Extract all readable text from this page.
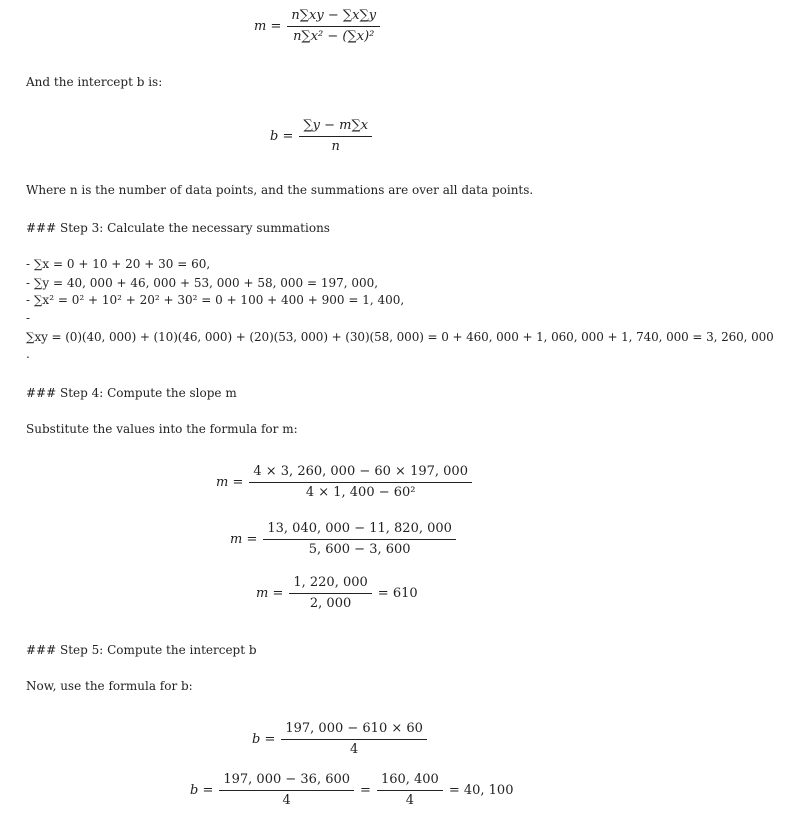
$m = \frac{n\sum xy - \sum x\sum y}{\text{n∑x² − (∑x)²}}$
And the intercept b is:
$b = \frac{\sum y - m\sum x}{n}$
Where n is the number of data points, and the summations are over all data points.
### Step 3: Calculate the necessary summations
- ∑x = 0 + 10 + 20 + 30 = 60,
- ∑y = 40, 000 + 46, 000 + 53, 000 + 58, 000 = 197, 000,
- ∑x² = 0² + 10² + 20² + 30² = 0 + 100 + 400 + 900 = 1, 400,
-
∑xy = (0)(40, 000) + (10)(46, 000) + (20)(53, 000) + (30)(58, 000) = 0 + 460, 000 + 1, 060, 000 + 1, 740, 000 = 3, 260, 000
.
### Step 4: Compute the slope m
Substitute the values into the formula for m:
$m = \frac{4 \times 3, 260, 000 - 60 \times 197, 000}{\text{4 × 1, 400 − 60²}}$
$m = \frac{13, 040, 000 - 11, 820, 000}{5, 600 - 3, 600}$
$m = \frac{1, 220, 000}{2, 000} = 610$
### Step 5: Compute the intercept b
Now, use the formula for b:
$b = \frac{197, 000 - 610 \times 60}{4}$
$b = \frac{197, 000 - 36, 600}{4} = \frac{160, 400}{4} = 40$, 100
